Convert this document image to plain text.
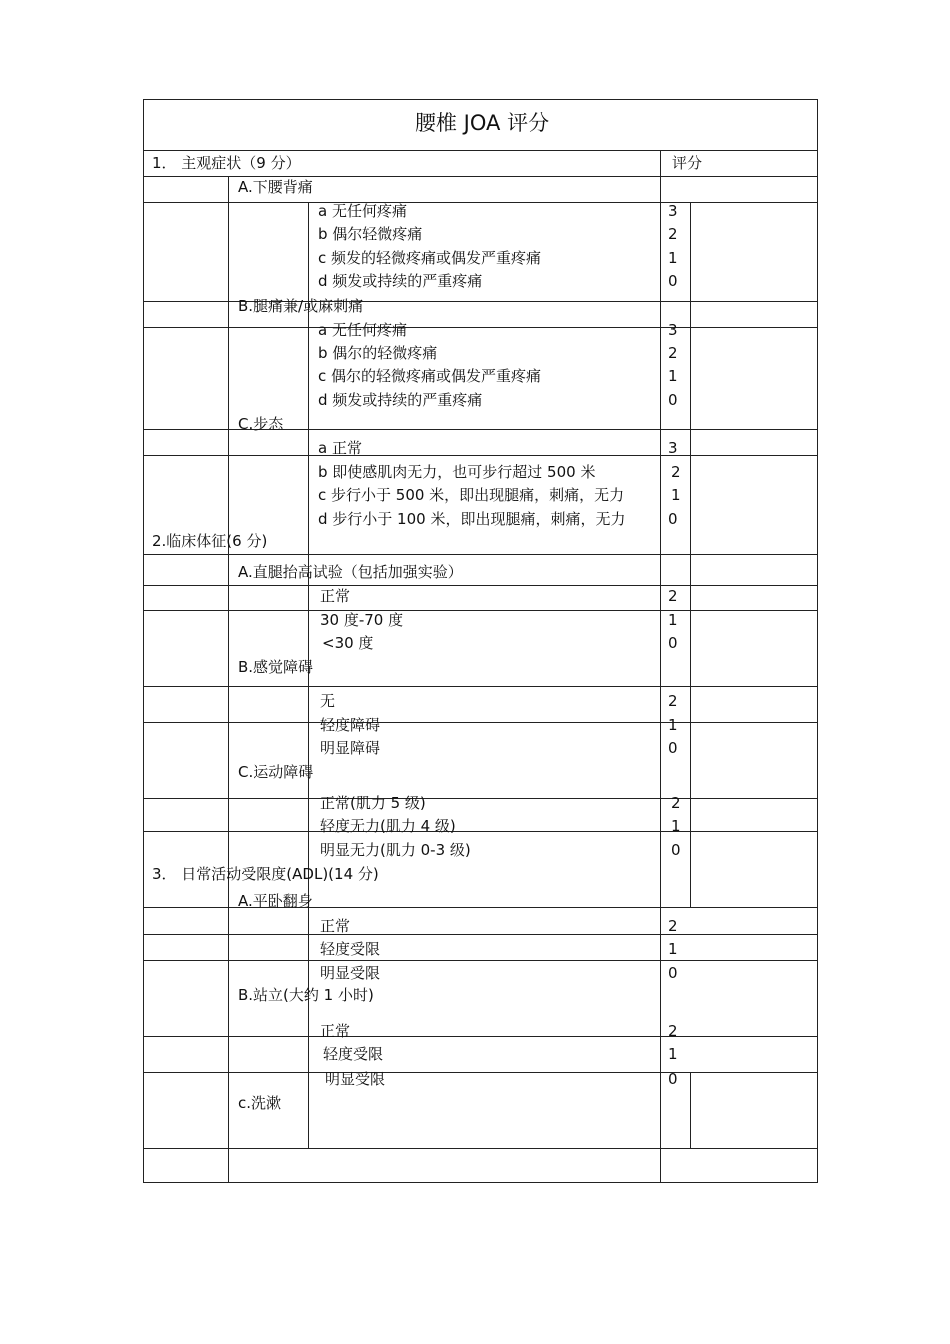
腰椎 JOA 评分
1． 主观症状（9 分）	评分
A.下腰背痛
a 无任何疼痛	3
b 偶尔轻微疼痛	2
c 频发的轻微疼痛或偶发严重疼痛	1
d 频发或持续的严重疼痛	0
B.腿痛兼/或麻刺痛
a 无任何疼痛	3
b 偶尔的轻微疼痛	2
c 偶尔的轻微疼痛或偶发严重疼痛	1
d 频发或持续的严重疼痛	0
C.步态
a 正常	3
b 即使感肌肉无力，也可步行超过 500 米	2
c 步行小于 500 米，即出现腿痛，刺痛，无力	1
d 步行小于 100 米，即出现腿痛，刺痛，无力	0
2.临床体征(6 分)
A.直腿抬高试验（包括加强实验）
正常	2
30 度-70 度	1
<30 度	0
B.感觉障碍
无	2
轻度障碍	1
明显障碍	0
C.运动障碍
正常(肌力 5 级)	2
轻度无力(肌力 4 级)	1
明显无力(肌力 0-3 级)	0
3． 日常活动受限度(ADL)(14 分)
A.平卧翻身
正常	2
轻度受限	1
明显受限	0
B.站立(大约 1 小时)
正常	2
轻度受限	1
明显受限	0
c.洗漱
